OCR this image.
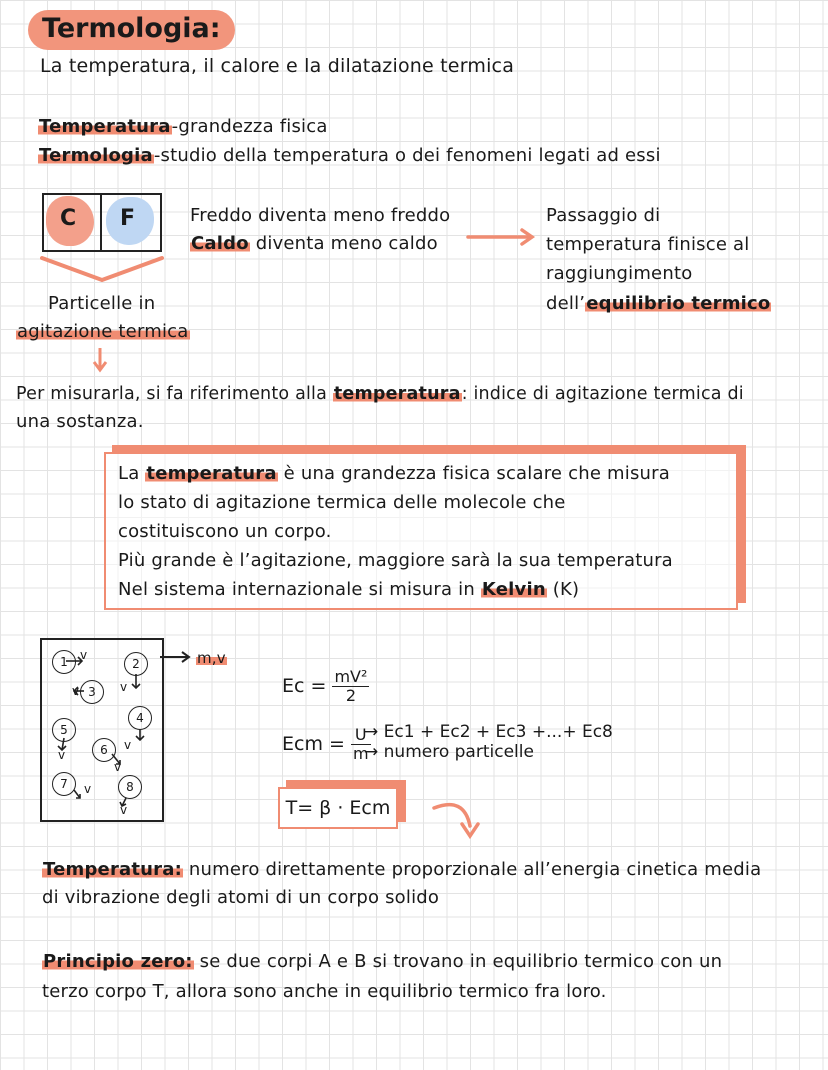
Termologia:
La temperatura, il calore e la dilatazione termica
Temperatura-grandezza fisica
Termologia-studio della temperatura o dei fenomeni legati ad essi
C F
Particelle in
agitazione termica
Freddo diventa meno freddo
Caldo diventa meno caldo
Passaggio di
temperatura finisce al
raggiungimento
dell’equilibrio termico
Per misurarla, si fa riferimento alla temperatura: indice di agitazione termica di
una sostanza.
La temperatura è una grandezza fisica scalare che misura
lo stato di agitazione termica delle molecole che
costituiscono un corpo.
Più grande è l’agitazione, maggiore sarà la sua temperatura
Nel sistema internazionale si misura in Kelvin (K)
1	2
3
4
5
6
7	8
v
v
v
v
v
v
v
v
m,v
$Ec = \frac{\text{mV²}}{2}$
Ecm = $\frac{U}{m}$
→ Ec1 + Ec2 + Ec3 +...+ Ec8
→ numero particelle
T= β · Ecm
Temperatura: numero direttamente proporzionale all’energia cinetica media
di vibrazione degli atomi di un corpo solido
Principio zero: se due corpi A e B si trovano in equilibrio termico con un
terzo corpo T, allora sono anche in equilibrio termico fra loro.
